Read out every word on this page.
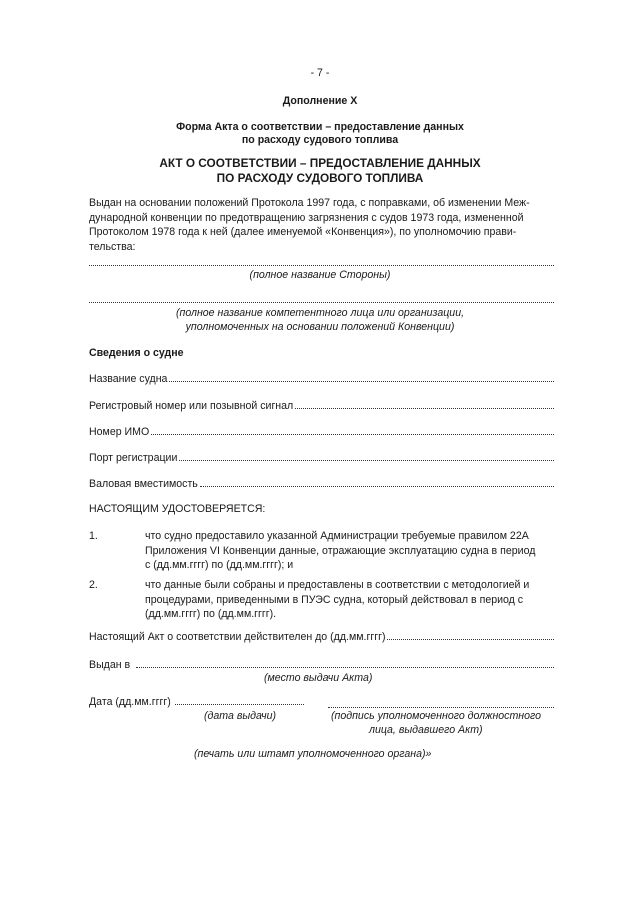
- 7 -
Дополнение X
Форма Акта о соответствии – предоставление данных
по расходу судового топлива
АКТ О СООТВЕТСТВИИ – ПРЕДОСТАВЛЕНИЕ ДАННЫХ
ПО РАСХОДУ СУДОВОГО ТОПЛИВА
Выдан на основании положений Протокола 1997 года, с поправками, об изменении Меж-
дународной конвенции по предотвращению загрязнения с судов 1973 года, измененной
Протоколом 1978 года к ней (далее именуемой «Конвенция»), по уполномочию прави-
тельства:
(полное название Стороны)
(полное название компетентного лица или организации,
уполномоченных на основании положений Конвенции)
Сведения о судне
Название судна
Регистровый номер или позывной сигнал
Номер ИМО
Порт регистрации
Валовая вместимость
НАСТОЯЩИМ УДОСТОВЕРЯЕТСЯ:
1.	что судно предоставило указанной Администрации требуемые правилом 22А
Приложения VI Конвенции данные, отражающие эксплуатацию судна в период
с (дд.мм.гггг) по (дд.мм.гггг); и
2.	что данные были собраны и предоставлены в соответствии с методологией и
процедурами, приведенными в ПУЭС судна, который действовал в период с
(дд.мм.гггг) по (дд.мм.гггг).
Настоящий Акт о соответствии действителен до (дд.мм.гггг)
Выдан в
(место выдачи Акта)
Дата (дд.мм.гггг)
(дата выдачи)	(подпись уполномоченного должностного
лица, выдавшего Акт)
(печать или штамп уполномоченного органа)»
